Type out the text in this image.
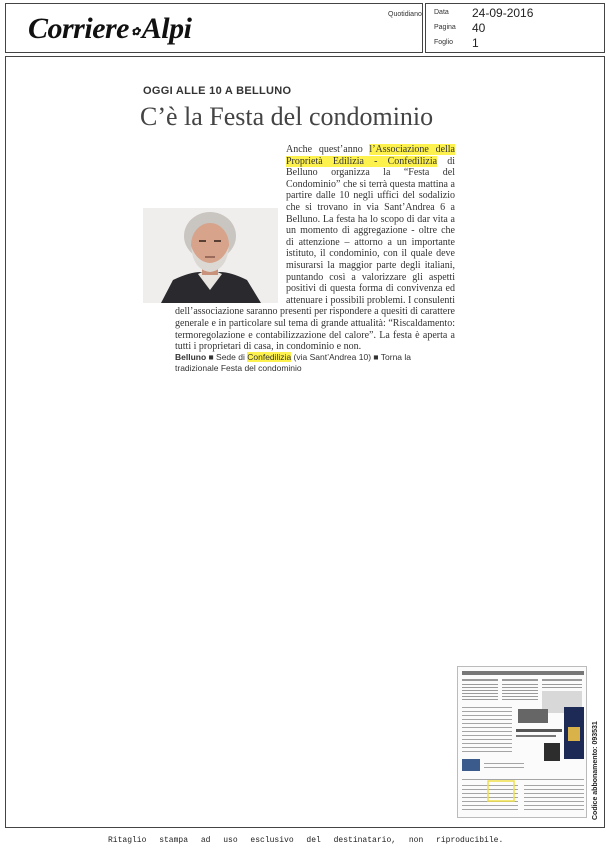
Corriere ✿Alpi	Quotidiano Data 24-09-2016
Pagina 40
Foglio 1
OGGI ALLE 10 A BELLUNO
C’è la Festa del condominio
Anche quest’anno l’Associazione della Proprietà Edilizia - Confedilizia di Belluno organizza la “Festa del Condominio” che si terrà questa mattina a partire dalle 10 negli uffici del sodalizio che si trovano in via Sant’Andrea 6 a Belluno. La festa ha lo scopo di dar vita a un momento di aggregazione - oltre che di attenzione – attorno a un importante istituto, il condominio, con il quale deve misurarsi la maggior parte degli italiani, puntando così a valorizzare gli aspetti positivi di questa forma di convivenza ed attenuare i possibili problemi. I consulenti dell’associazione saranno presenti per rispondere a quesiti di carattere generale e in particolare sul tema di grande attualità: “Riscaldamento: termoregolazione e contabilizzazione del calore”. La festa è aperta a tutti i proprietari di casa, in condominio e non.
Belluno ■ Sede di Confedilizia (via Sant’Andrea 10) ■ Torna la tradizionale Festa del condominio
Codice abbonamento: 093531
Ritaglio stampa ad uso esclusivo del destinatario, non riproducibile.
